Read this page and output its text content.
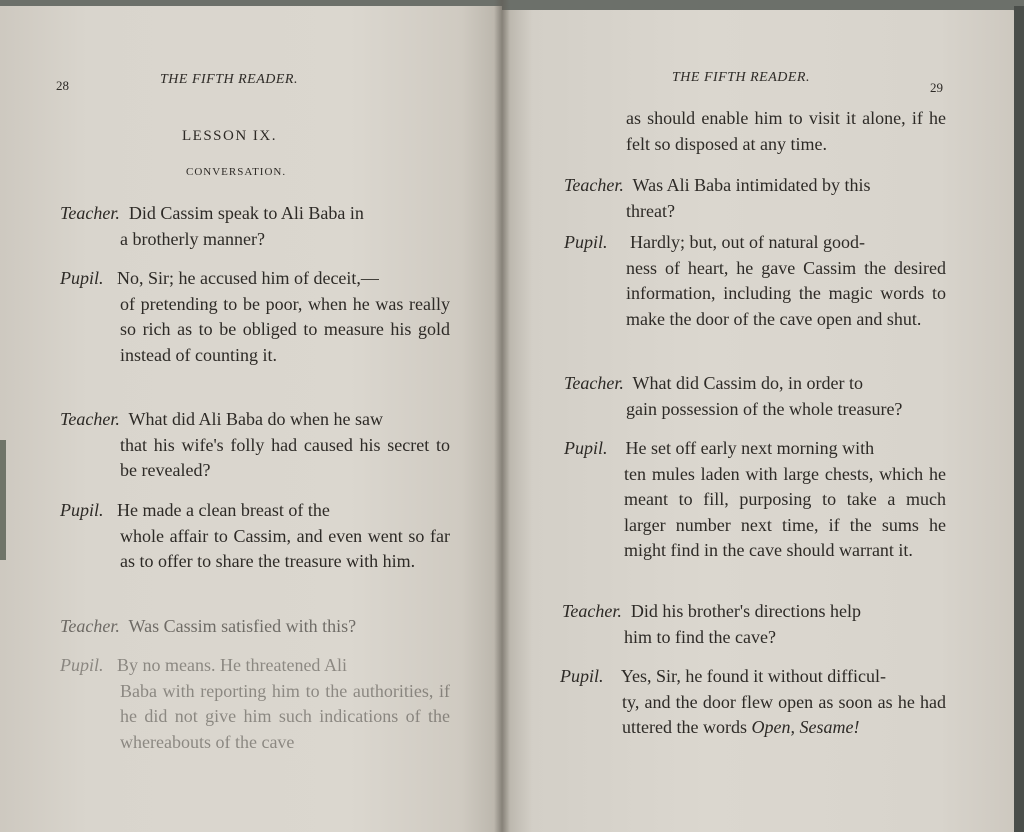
28	THE FIFTH READER.
LESSON IX.
CONVERSATION.
Teacher. Did Cassim speak to Ali Baba in
a brotherly manner?
Pupil. No, Sir; he accused him of deceit,—
of pretending to be poor, when he was really so rich as to be obliged to measure his gold instead of counting it.
Teacher. What did Ali Baba do when he saw
that his wife's folly had caused his secret to be revealed?
Pupil. He made a clean breast of the
whole affair to Cassim, and even went so far as to offer to share the treasure with him.
Teacher. Was Cassim satisfied with this?
Pupil. By no means. He threatened Ali
Baba with reporting him to the authorities, if he did not give him such indications of the whereabouts of the cave
THE FIFTH READER.
29
as should enable him to visit it alone, if he felt so disposed at any time.
Teacher. Was Ali Baba intimidated by this
threat?
Pupil. Hardly; but, out of natural good-
ness of heart, he gave Cassim the desired information, including the magic words to make the door of the cave open and shut.
Teacher. What did Cassim do, in order to
gain possession of the whole treasure?
Pupil. He set off early next morning with
ten mules laden with large chests, which he meant to fill, purposing to take a much larger number next time, if the sums he might find in the cave should warrant it.
Teacher. Did his brother's directions help
him to find the cave?
Pupil. Yes, Sir, he found it without difficul-
ty, and the door flew open as soon as he had uttered the words Open, Sesame!
